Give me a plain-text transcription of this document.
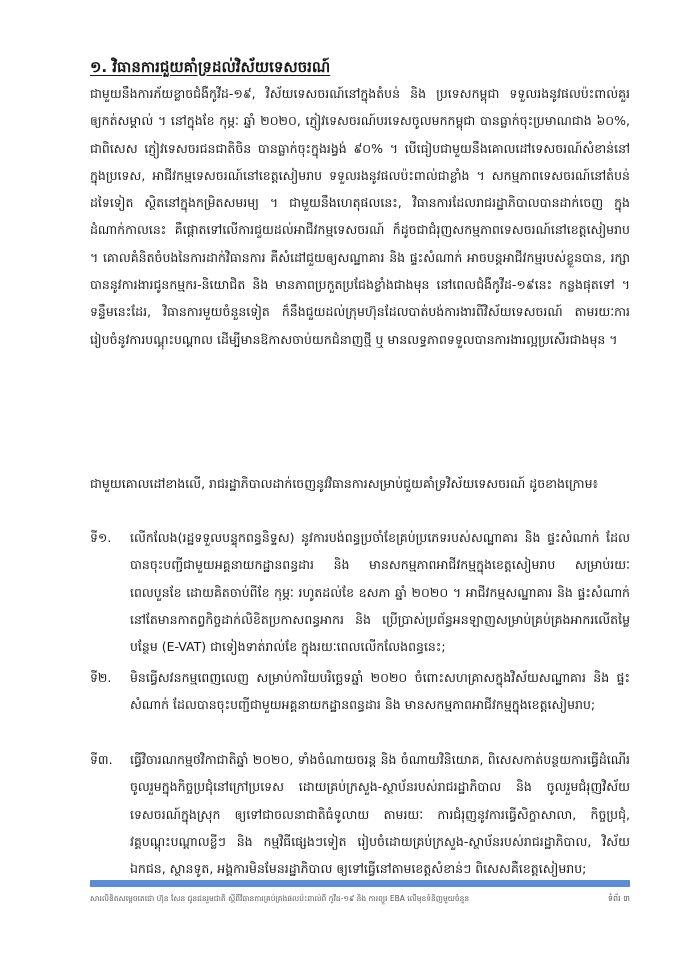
១. វិធានការជួយគាំទ្រដល់វិស័យទេសចរណ៍
ជាមួយនឹងការភ័យខ្លាចជំងឺកូវីដ-១៩, វិស័យទេសចរណ៍នៅក្នុងតំបន់ និង ប្រទេសកម្ពុជា ទទួលរងនូវផលប៉ះពាល់គួរឲ្យកត់សម្គាល់ ។ នៅក្នុងខែ កុម្ភៈ ឆ្នាំ ២០២០, ភ្ញៀវទេសចរណ៍បរទេសចូលមកកម្ពុជា បានធ្លាក់ចុះប្រមាណជាង ៦០%, ជាពិសេស ភ្ញៀវទេសចរជនជាតិចិន បានធ្លាក់ចុះក្នុងរង្វង់ ៩០% ។ បើធៀបជាមួយនឹងគោលដៅទេសចរណ៍សំខាន់នៅក្នុងប្រទេស, អាជីវកម្មទេសចរណ៍នៅខេត្តសៀមរាប ទទួលរងនូវផលប៉ះពាល់ជាខ្លាំង ។ សកម្មភាពទេសចរណ៍នៅតំបន់ដទៃទៀត ស្ថិតនៅក្នុងកម្រិតសមរម្យ ។ ជាមួយនឹងហេតុផលនេះ, វិធានការដែលរាជរដ្ឋាភិបាលបានដាក់ចេញ ក្នុងដំណាក់កាលនេះ គឺផ្តោតទៅលើការជួយដល់អាជីវកម្មទេសចរណ៍ ក៏ដូចជាជំរុញសកម្មភាពទេសចរណ៍នៅខេត្តសៀមរាប ។ គោលគំនិតចំបងនៃការដាក់វិធានការ គឺសំដៅជួយឲ្យសណ្ឋាគារ និង ផ្ទះសំណាក់ អាចបន្តអាជីវកម្មរបស់ខ្លួនបាន, រក្សាបាននូវការងារជូនកម្មករ-និយោជិត និង មានភាពប្រកួតប្រជែងខ្លាំងជាងមុន នៅពេលជំងឺកូវីដ-១៩នេះ កន្លងផុតទៅ ។ ទន្ទឹមនេះដែរ, វិធានការមួយចំនួនទៀត ក៏នឹងជួយដល់ក្រុមហ៊ុនដែលបាត់បង់ការងារពីវិស័យទេសចរណ៍ តាមរយៈការរៀបចំនូវការបណ្តុះបណ្តាល ដើម្បីមានឱកាសចាប់យកជំនាញថ្មី ឬ មានលទ្ធភាពទទួលបានការងារល្អប្រសើរជាងមុន ។
ជាមួយគោលដៅខាងលើ, រាជរដ្ឋាភិបាលដាក់ចេញនូវវិធានការសម្រាប់ជួយគាំទ្រវិស័យទេសចរណ៍ ដូចខាងក្រោម៖
ទី១. លើកលែង(រដ្ឋទទួលបន្ទុកពន្ធនិទ្ទស) នូវការបង់ពន្ធប្រចាំខែគ្រប់ប្រភេទរបស់សណ្ឋាគារ និង ផ្ទះសំណាក់ ដែលបានចុះបញ្ជីជាមួយអគ្គនាយកដ្ឋានពន្ធដារ និង មានសកម្មភាពអាជីវកម្មក្នុងខេត្តសៀមរាប សម្រាប់រយៈពេលបួនខែ ដោយគិតចាប់ពីខែ កុម្ភៈ រហូតដល់ខែ ឧសភា ឆ្នាំ ២០២០ ។ អាជីវកម្មសណ្ឋាគារ និង ផ្ទះសំណាក់ នៅតែមានកាតព្វកិច្ចដាក់លិខិតប្រកាសពន្ធអាករ និង ប្រើប្រាស់ប្រព័ន្ធអនឡាញសម្រាប់គ្រប់គ្រងអាករលើតម្លៃបន្ថែម (E-VAT) ជាទៀងទាត់រាល់ខែ ក្នុងរយៈពេលលើកលែងពន្ធនេះ;
ទី២. មិនធ្វើសវនកម្មពេញលេញ សម្រាប់ការិយបរិច្ឆេទឆ្នាំ ២០២០ ចំពោះសហគ្រាសក្នុងវិស័យសណ្ឋាគារ និង ផ្ទះសំណាក់ ដែលបានចុះបញ្ជីជាមួយអគ្គនាយកដ្ឋានពន្ធដារ និង មានសកម្មភាពអាជីវកម្មក្នុងខេត្តសៀមរាប;
ទី៣. ធ្វើវិចារណកម្មថវិកាជាតិឆ្នាំ ២០២០, ទាំងចំណាយចរន្ត និង ចំណាយវិនិយោគ, ពិសេសកាត់បន្ថយការធ្វើដំណើរចូលរួមក្នុងកិច្ចប្រជុំនៅក្រៅប្រទេស ដោយគ្រប់ក្រសួង-ស្ថាប័នរបស់រាជរដ្ឋាភិបាល និង ចូលរួមជំរុញវិស័យទេសចរណ៍ក្នុងស្រុក ឲ្យទៅជាចលនាជាតិធំទូលាយ តាមរយៈ ការជំរុញនូវការធ្វើសិក្ខាសាលា, កិច្ចប្រជុំ, វគ្គបណ្តុះបណ្តាលខ្លីៗ និង កម្មវិធីផ្សេងៗទៀត រៀបចំដោយគ្រប់ក្រសួង-ស្ថាប័នរបស់រាជរដ្ឋាភិបាល, វិស័យឯកជន, ស្ថានទូត, អង្គការមិនមែនរដ្ឋាភិបាល ឲ្យទៅធ្វើនៅតាមខេត្តសំខាន់ៗ ពិសេសគឺខេត្តសៀមរាប;
សារលិខិតសម្តេចតេជោ ហ៊ុន សែន ជូនជនរួមជាតិ ស្តីពីវិធានការគ្រប់គ្រងផលប៉ះពាល់ពី កូវីដ-១៩ និង ការព្យួរ EBA លើមុខទំនិញមួយចំនួន	ទំព័រ ៣
